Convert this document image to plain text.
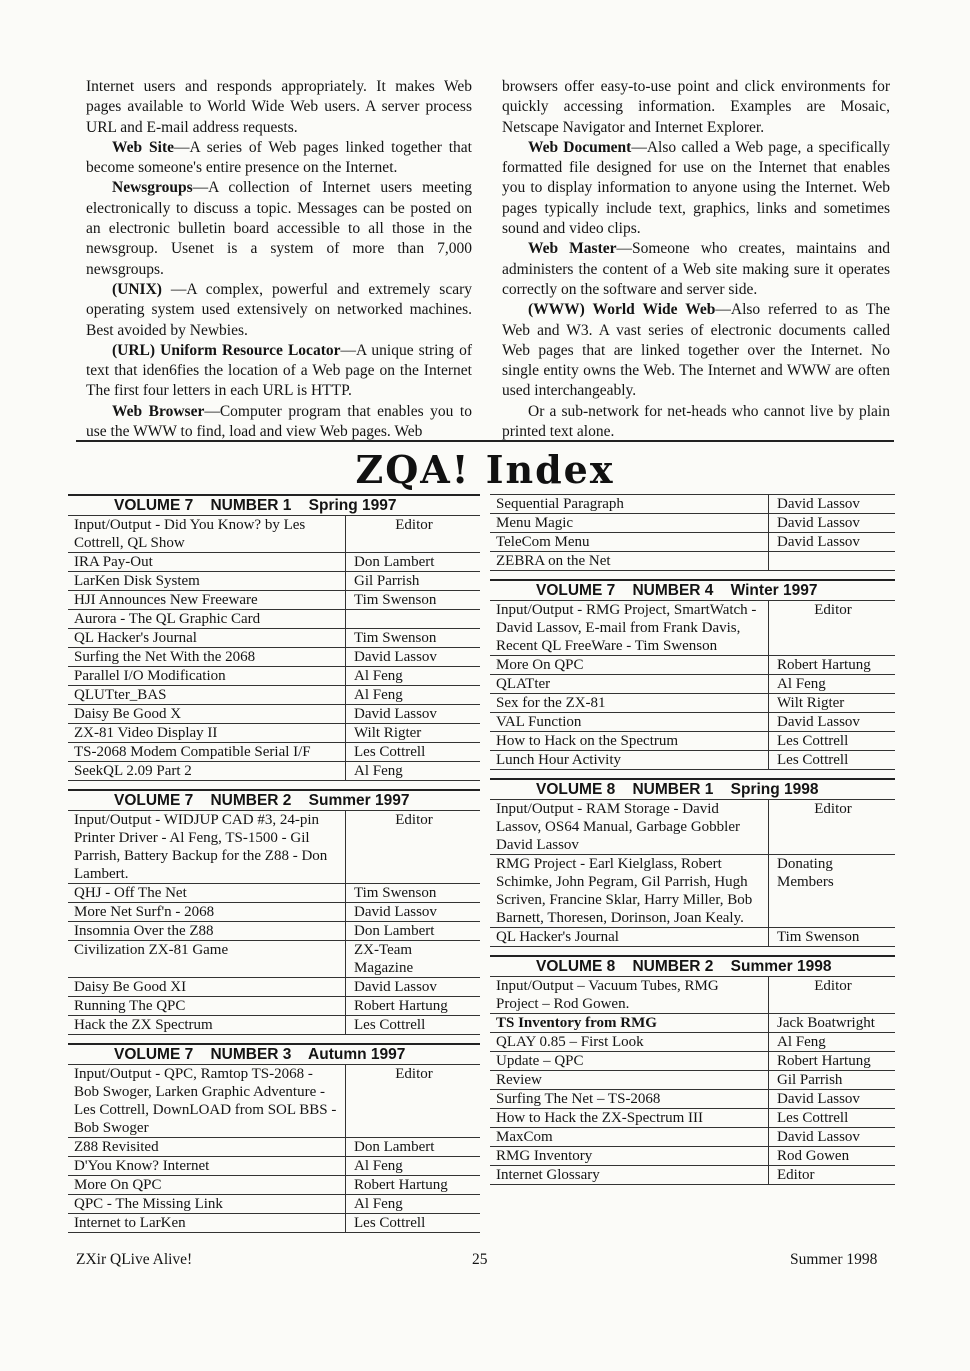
Internet users and responds appropriately. It makes Web pages available to World Wide Web users. A server process URL and E-mail address requests.

Web Site—A series of Web pages linked together that become someone's entire presence on the Internet.

Newsgroups—A collection of Internet users meeting electronically to discuss a topic. Messages can be posted on an electronic bulletin board accessible to all those in the newsgroup. Usenet is a system of more than 7,000 newsgroups.

(UNIX) —A complex, powerful and extremely scary operating system used extensively on networked machines. Best avoided by Newbies.

(URL) Uniform Resource Locator—A unique string of text that iden6fies the location of a Web page on the Internet The first four letters in each URL is HTTP.

Web Browser—Computer program that enables you to use the WWW to find, load and view Web pages. Web

browsers offer easy-to-use point and click environments for quickly accessing information. Examples are Mosaic, Netscape Navigator and Internet Explorer.

Web Document—Also called a Web page, a specifically formatted file designed for use on the Internet that enables you to display information to anyone using the Internet. Web pages typically include text, graphics, links and sometimes sound and video clips.

Web Master—Someone who creates, maintains and administers the content of a Web site making sure it operates correctly on the software and server side.

(WWW) World Wide Web—Also referred to as The Web and W3. A vast series of electronic documents called Web pages that are linked together over the Internet. No single entity owns the Web. The Internet and WWW are often used interchangeably.

Or a sub-network for net-heads who cannot live by plain printed text alone.

ZQA! Index
VOLUME 7    NUMBER 1    Spring 1997
Input/Output - Did You Know? by Les Cottrell, QL Show	Editor
IRA Pay-Out	Don Lambert
LarKen Disk System	Gil Parrish
HJI Announces New Freeware	Tim Swenson
Aurora - The QL Graphic Card	
QL Hacker's Journal	Tim Swenson
Surfing the Net With the 2068	David Lassov
Parallel I/O Modification	Al Feng
QLUTter_BAS	Al Feng
Daisy Be Good X	David Lassov
ZX-81 Video Display II	Wilt Rigter
TS-2068 Modem Compatible Serial I/F	Les Cottrell
SeekQL 2.09 Part 2	Al Feng
VOLUME 7    NUMBER 2    Summer 1997
Input/Output - WIDJUP CAD #3, 24-pin Printer Driver - Al Feng, TS-1500 - Gil Parrish, Battery Backup for the Z88 - Don Lambert.	Editor
QHJ - Off The Net	Tim Swenson
More Net Surf'n - 2068	David Lassov
Insomnia Over the Z88	Don Lambert
Civilization ZX-81 Game	ZX-Team Magazine
Daisy Be Good XI	David Lassov
Running The QPC	Robert Hartung
Hack the ZX Spectrum	Les Cottrell
VOLUME 7    NUMBER 3    Autumn 1997
Input/Output - QPC, Ramtop TS-2068 - Bob Swoger, Larken Graphic Adventure - Les Cottrell, DownLOAD from SOL BBS - Bob Swoger	Editor
Z88 Revisited	Don Lambert
D'You Know? Internet	Al Feng
More On QPC	Robert Hartung
QPC - The Missing Link	Al Feng
Internet to LarKen	Les Cottrell
Sequential Paragraph	David Lassov
Menu Magic	David Lassov
TeleCom Menu	David Lassov
ZEBRA on the Net	
VOLUME 7    NUMBER 4    Winter 1997
Input/Output - RMG Project, SmartWatch - David Lassov, E-mail from Frank Davis, Recent QL FreeWare - Tim Swenson	Editor
More On QPC	Robert Hartung
QLATter	Al Feng
Sex for the ZX-81	Wilt Rigter
VAL Function	David Lassov
How to Hack on the Spectrum	Les Cottrell
Lunch Hour Activity	Les Cottrell
VOLUME 8    NUMBER 1    Spring 1998
Input/Output - RAM Storage - David Lassov, OS64 Manual, Garbage Gobbler David Lassov	Editor
RMG Project - Earl Kielglass, Robert Schimke, John Pegram, Gil Parrish, Hugh Scriven, Francine Sklar, Harry Miller, Bob Barnett, Thoresen, Dorinson, Joan Kealy.	Donating Members
QL Hacker's Journal	Tim Swenson
VOLUME 8    NUMBER 2    Summer 1998
Input/Output – Vacuum Tubes, RMG Project – Rod Gowen.	Editor
TS Inventory from RMG	Jack Boatwright
QLAY 0.85 – First Look	Al Feng
Update – QPC	Robert Hartung
Review	Gil Parrish
Surfing The Net – TS-2068	David Lassov
How to Hack the ZX-Spectrum III	Les Cottrell
MaxCom	David Lassov
RMG Inventory	Rod Gowen
Internet Glossary	Editor
ZXir QLive Alive!	25	Summer 1998
